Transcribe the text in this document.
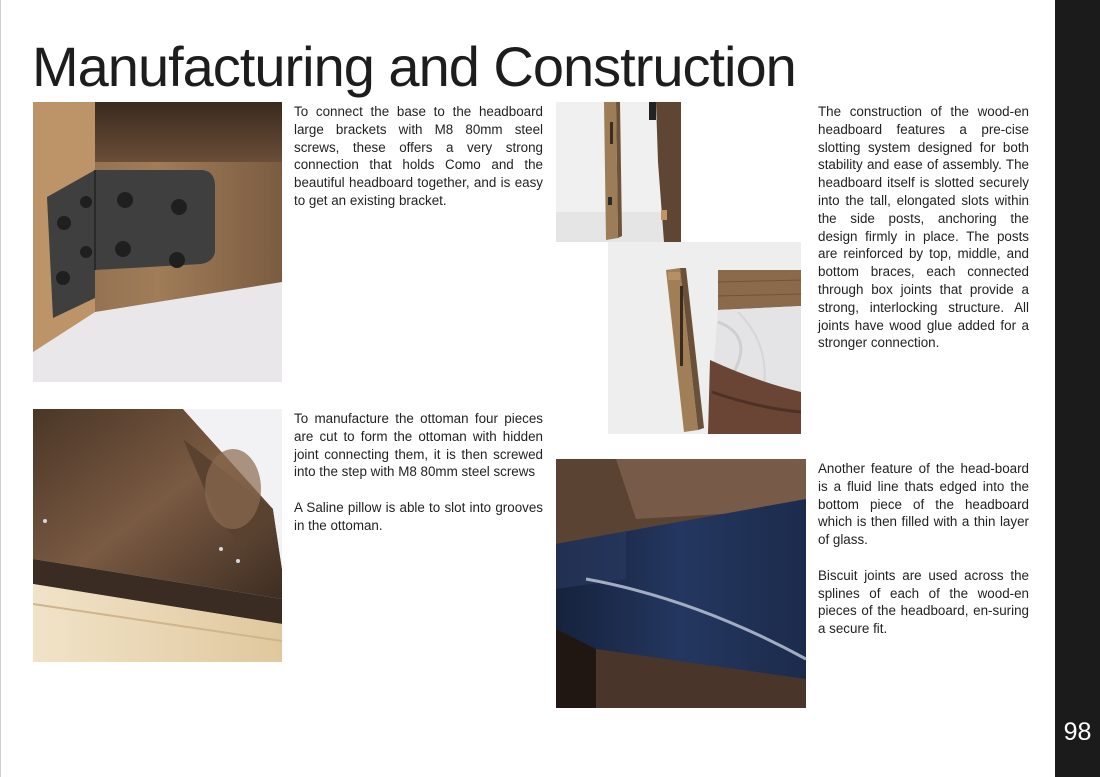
98
Manufacturing and Construction

To connect the base to the headboard large brackets with M8 80mm steel screws, these offers a very strong connection that holds Como and the beautiful headboard together, and is easy to get an existing bracket.

To manufacture the ottoman four pieces are cut to form the ottoman with hidden joint connecting them, it is then screwed into the step with M8 80mm steel screws

A Saline pillow is able to slot into grooves in the ottoman.

The construction of the wood-en headboard features a pre-cise slotting system designed for both stability and ease of assembly. The headboard itself is slotted securely into the tall, elongated slots within the side posts, anchoring the design firmly in place. The posts are reinforced by top, middle, and bottom braces, each connected through box joints that provide a strong, interlocking structure. All joints have wood glue added for a stronger connection.

Another feature of the head-board is a fluid line thats edged into the bottom piece of the headboard which is then filled with a thin layer of glass.

Biscuit joints are used across the splines of each of the wood-en pieces of the headboard, en-suring a secure fit.
